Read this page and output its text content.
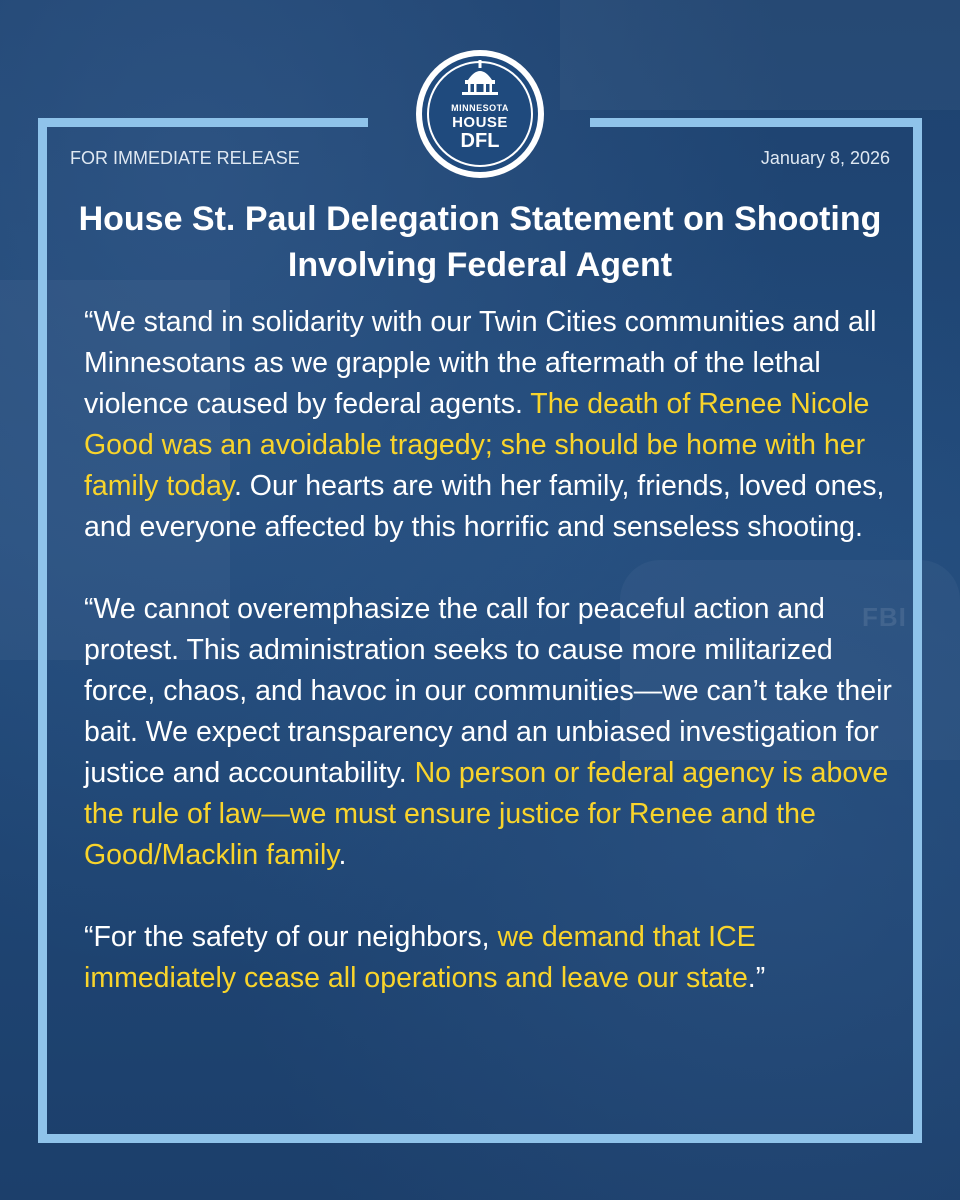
FBI
MINNESOTA
HOUSE
DFL
FOR IMMEDIATE RELEASE	January 8, 2026
House St. Paul Delegation Statement on Shooting
Involving Federal Agent

“We stand in solidarity with our Twin Cities communities and all Minnesotans as we grapple with the aftermath of the lethal violence caused by federal agents. The death of Renee Nicole Good was an avoidable tragedy; she should be home with her family today. Our hearts are with her family, friends, loved ones, and everyone affected by this horrific and senseless shooting.

“We cannot overemphasize the call for peaceful action and protest. This administration seeks to cause more militarized force, chaos, and havoc in our communities—we can’t take their bait. We expect transparency and an unbiased investigation for justice and accountability. No person or federal agency is above the rule of law—we must ensure justice for Renee and the Good/Macklin family.

“For the safety of our neighbors, we demand that ICE immediately cease all operations and leave our state.”
